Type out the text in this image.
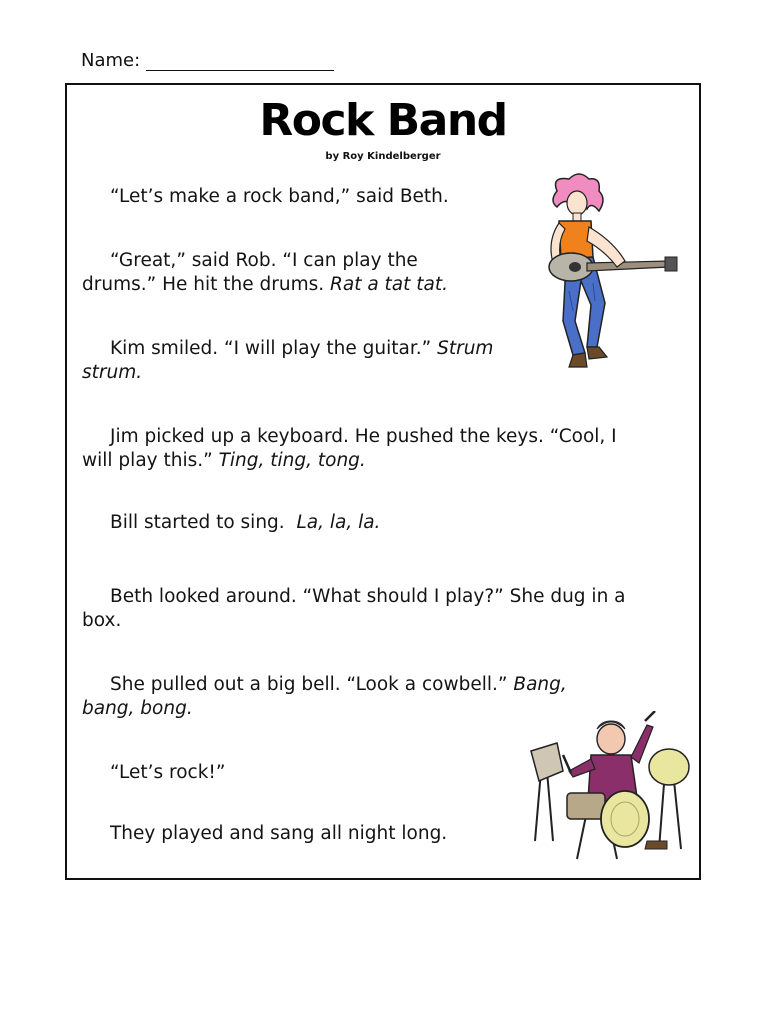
Name:
Rock Band
by Roy Kindelberger
“Let’s make a rock band,” said Beth.
“Great,” said Rob. “I can play the
drums.” He hit the drums. Rat a tat tat.
Kim smiled. “I will play the guitar.” Strum
strum.
Jim picked up a keyboard. He pushed the keys. “Cool, I
will play this.” Ting, ting, tong.
Bill started to sing. La, la, la.
Beth looked around. “What should I play?” She dug in a
box.
She pulled out a big bell. “Look a cowbell.” Bang,
bang, bong.
“Let’s rock!”
They played and sang all night long.
